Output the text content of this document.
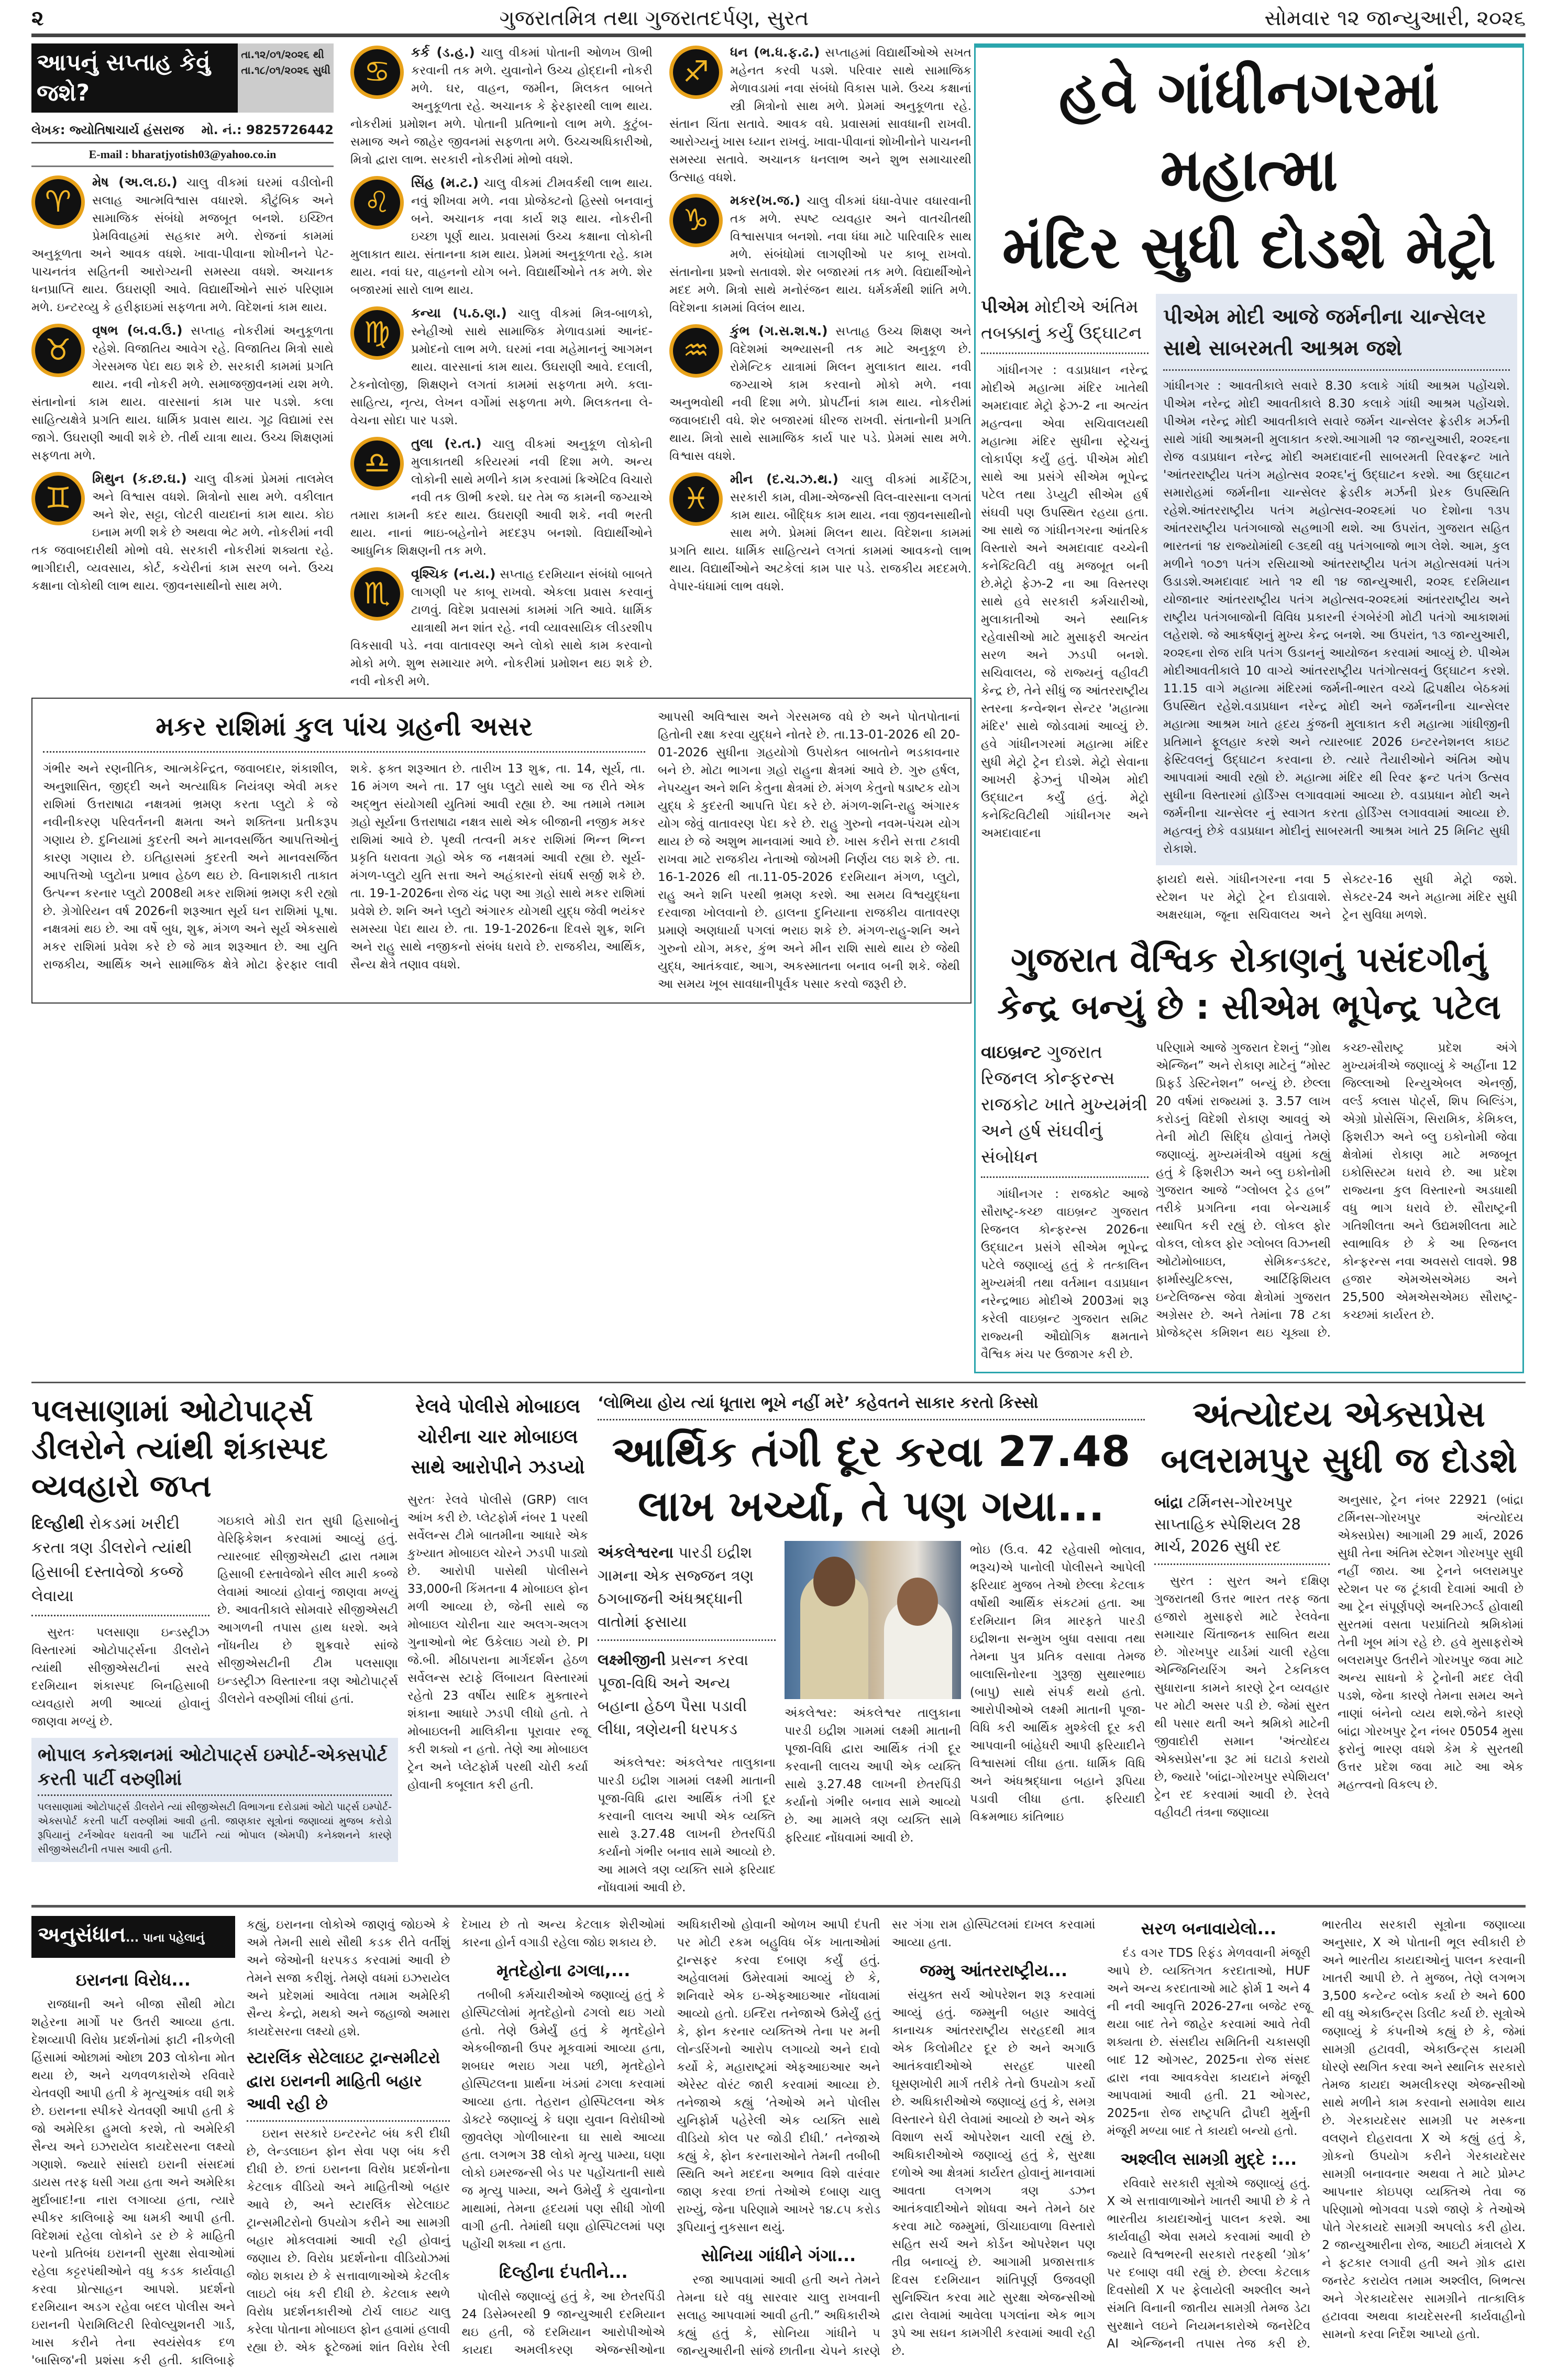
૨	ગુજરાતમિત્ર તથા ગુજરાતદર્પણ, સુરત	સોમવાર ૧૨ જાન્યુઆરી, ૨૦૨૬
આપનું સપ્તાહ કેવું જશે?
તા.૧૨/૦૧/૨૦૨૬ થી
તા.૧૮/૦૧/૨૦૨૬ સુધી
લેખક: જ્યોતિષાચાર્ય હંસરાજ મો. નં.: 9825726442
E-mail : bharatjyotish03@yahoo.co.in
♈
મેષ (અ.લ.ઇ.) ચાલુ વીકમાં ઘરમાં વડીલોની સલાહ આત્મવિશ્વાસ વધારશે. કૌટુંબિક અને સામાજિક સંબંધો મજબૂત બનશે. ઇચ્છિત પ્રેમવિવાહમાં સહકાર મળે. રોજનાં કામમાં અનુકૂળતા અને આવક વધશે. ખાવા-પીવાના શોખીનને પેટ-પાચનતંત્ર સહિતની આરોગ્યની સમસ્યા વધશે. અચાનક ધનપ્રાપ્તિ થાય. ઉઘરાણી આવે. વિદ્યાર્થીઓને સારું પરિણામ મળે. ઇન્ટરવ્યુ કે હરીફાઇમાં સફળતા મળે. વિદેશનાં કામ થાય.
♉
વૃષભ (બ.વ.ઉ.) સપ્તાહ નોકરીમાં અનુકૂળતા રહેશે. વિજાતિય આવેગ રહે. વિજાતિય મિત્રો સાથે ગેરસમજ પેદા થઇ શકે છે. સરકારી કામમાં પ્રગતિ થાય. નવી નોકરી મળે. સમાજજીવનમાં યશ મળે. સંતાનોનાં કામ થાય. વારસાનાં કામ પાર પડશે. કલા સાહિત્યક્ષેત્રે પ્રગતિ થાય. ધાર્મિક પ્રવાસ થાય. ગૂઢ વિદ્યામાં રસ જાગે. ઉઘરાણી આવી શકે છે. તીર્થ યાત્રા થાય. ઉચ્ચ શિક્ષણમાં સફળતા મળે.
♊
મિથુન (ક.છ.ઘ.) ચાલુ વીકમાં પ્રેમમાં તાલમેલ અને વિશ્વાસ વધશે. મિત્રોનો સાથ મળે. વકીલાત અને શેર, સટ્ટા, લોટરી વાયદાનાં કામ થાય. કોઇ ઇનામ મળી શકે છે અથવા ભેટ મળે. નોકરીમાં નવી તક જવાબદારીથી મોભો વધે. સરકારી નોકરીમાં શક્યતા રહે. ભાગીદારી, વ્યવસાય, કોર્ટ, કચેરીનાં કામ સરળ બને. ઉચ્ચ કક્ષાના લોકોથી લાભ થાય. જીવનસાથીનો સાથ મળે.
♋
કર્ક (ડ.હ.) ચાલુ વીકમાં પોતાની ઓળખ ઊભી કરવાની તક મળે. યુવાનોને ઉચ્ચ હોદ્દાની નોકરી મળે. ઘર, વાહન, જમીન, મિલકત બાબતે અનુકૂળતા રહે. અચાનક કે ફેરફારથી લાભ થાય. નોકરીમાં પ્રમોશન મળે. પોતાની પ્રતિભાનો લાભ મળે. કુટુંબ-સમાજ અને જાહેર જીવનમાં સફળતા મળે. ઉચ્ચઅધિકારીઓ, મિત્રો દ્વારા લાભ. સરકારી નોકરીમાં મોભો વધશે.
♌
સિંહ (મ.ટ.) ચાલુ વીકમાં ટીમવર્કથી લાભ થાય. નવું શીખવા મળે. નવા પ્રોજેક્ટનો હિસ્સો બનવાનું બને. અચાનક નવા કાર્ય શરૂ થાય. નોકરીની ઇચ્છા પૂર્ણ થાય. પ્રવાસમાં ઉચ્ચ કક્ષાના લોકોની મુલાકાત થાય. સંતાનના કામ થાય. પ્રેમમાં અનુકૂળતા રહે. કામ થાય. નવાં ઘર, વાહનનો યોગ બને. વિદ્યાર્થીઓને તક મળે. શેર બજારમાં સારો લાભ થાય.
♍
કન્યા (પ.ઠ.ણ.) ચાલુ વીકમાં મિત્ર-બાળકો, સ્નેહીઓ સાથે સામાજિક મેળાવડામાં આનંદ-પ્રમોદનો લાભ મળે. ઘરમાં નવા મહેમાનનું આગમન થાય. વારસાનાં કામ થાય. ઉઘરાણી આવે. દલાલી, ટેકનોલોજી, શિક્ષણને લગતાં કામમાં સફળતા મળે. કલા-સાહિત્ય, નૃત્ય, લેખન વર્ગોમાં સફળતા મળે. મિલકતના લે-વેચના સોદા પાર પડશે.
♎
તુલા (ર.ત.) ચાલુ વીકમાં અનુકૂળ લોકોની મુલાકાતથી કરિયરમાં નવી દિશા મળે. અન્ય લોકોની સાથે મળીને કામ કરવામાં ક્રિએટિવ વિચારો નવી તક ઊભી કરશે. ઘર તેમ જ કામની જગ્યાએ તમારા કામની કદર થાય. ઉઘરાણી આવી શકે. નવી ભરતી થાય. નાનાં ભાઇ-બહેનોને મદદરૂપ બનશો. વિદ્યાર્થીઓને આધુનિક શિક્ષણની તક મળે.
♏
વૃશ્ચિક (ન.ય.) સપ્તાહ દરમિયાન સંબંધો બાબતે લાગણી પર કાબૂ રાખવો. એકલા પ્રવાસ કરવાનું ટાળવું. વિદેશ પ્રવાસમાં કામમાં ગતિ આવે. ધાર્મિક યાત્રાથી મન શાંત રહે. નવી વ્યાવસાયિક લીડરશીપ વિકસાવી પડે. નવા વાતાવરણ અને લોકો સાથે કામ કરવાનો મોકો મળે. શુભ સમાચાર મળે. નોકરીમાં પ્રમોશન થઇ શકે છે. નવી નોકરી મળે.
♐
ધન (ભ.ધ.ફ.ઢ.) સપ્તાહમાં વિદ્યાર્થીઓએ સખત મહેનત કરવી પડશે. પરિવાર સાથે સામાજિક મેળાવડામાં નવા સંબંધો વિકાસ પામે. ઉચ્ચ કક્ષાનાં સ્ત્રી મિત્રોનો સાથ મળે. પ્રેમમાં અનુકૂળતા રહે. સંતાન ચિંતા સતાવે. આવક વધે. પ્રવાસમાં સાવધાની રાખવી. આરોગ્યનું ખાસ ધ્યાન રાખવું. ખાવા-પીવાનાં શોખીનોને પાચનની સમસ્યા સતાવે. અચાનક ધનલાભ અને શુભ સમાચારથી ઉત્સાહ વધશે.
♑
મકર(ખ.જ.) ચાલુ વીકમાં ધંધા-વેપાર વધારવાની તક મળે. સ્પષ્ટ વ્યવહાર અને વાતચીતથી વિશ્વાસપાત્ર બનશો. નવા ધંધા માટે પારિવારિક સાથ મળે. સંબંધોમાં લાગણીઓ પર કાબૂ રાખવો. સંતાનોના પ્રશ્નો સતાવશે. શેર બજારમાં તક મળે. વિદ્યાર્થીઓને મદદ મળે. મિત્રો સાથે મનોરંજન થાય. ધર્મકર્મથી શાંતિ મળે. વિદેશના કામમાં વિલંબ થાય.
♒
કુંભ (ગ.સ.શ.ષ.) સપ્તાહ ઉચ્ચ શિક્ષણ અને વિદેશમાં અભ્યાસની તક માટે અનુકૂળ છે. રોમેન્ટિક યાત્રામાં મિલન મુલાકાત થાય. નવી જગ્યાએ કામ કરવાનો મોકો મળે. નવા અનુભવોથી નવી દિશા મળે. પ્રોપર્ટીનાં કામ થાય. નોકરીમાં જવાબદારી વધે. શેર બજારમાં ધીરજ રાખવી. સંતાનોની પ્રગતિ થાય. મિત્રો સાથે સામાજિક કાર્ય પાર પડે. પ્રેમમાં સાથ મળે. વિશ્વાસ વધશે.
♓
મીન (દ.ચ.ઝ.થ.) ચાલુ વીકમાં માર્કેટિંગ, સરકારી કામ, વીમા-એજન્સી વિલ-વારસાના લગતાં કામ થાય. બૌદ્ધિક કામ થાય. નવા જીવનસાથીનો સાથ મળે. પ્રેમમાં મિલન થાય. વિદેશના કામમાં પ્રગતિ થાય. ધાર્મિક સાહિત્યને લગતાં કામમાં આવકનો લાભ થાય. વિદ્યાર્થીઓને અટકેલાં કામ પાર પડે. રાજકીય મદદમળે. વેપાર-ધંધામાં લાભ વધશે.
મકર રાશિમાં કુલ પાંચ ગ્રહની અસર
ગંભીર અને રણનીતિક, આત્મકેન્દ્રિત, જવાબદાર, શંકાશીલ, અનુશાસિત, જીદ્દી અને અત્યાધિક નિયંત્રણ એવી મકર રાશિમાં ઉત્તરાષાઢા નક્ષત્રમાં ભ્રમણ કરતા પ્લુટો કે જે નવીનીકરણ પરિવર્તનની ક્ષમતા અને શક્તિના પ્રતીકરૂપ ગણાય છે. દુનિયામાં કુદરતી અને માનવસર્જિત આપત્તિઓનું કારણ ગણાય છે. ઇતિહાસમાં કુદરતી અને માનવસર્જિત આપત્તિઓ પ્લુટોના પ્રભાવ હેઠળ થઇ છે. વિનાશકારી તાકાત ઉત્પન્ન કરનાર પ્લુટો 2008થી મકર રાશિમાં ભ્રમણ કરી રહ્યો છે. ગ્રેગોરિયન વર્ષ 2026ની શરૂઆત સૂર્ય ઘન રાશિમાં પૂ.ષા. નક્ષત્રમાં થઇ છે. આ વર્ષે બુધ, શુક્ર, મંગળ અને સૂર્ય એકસાથે મકર રાશિમાં પ્રવેશ કરે છે જે માત્ર શરૂઆત છે. આ યુતિ રાજકીય, આર્થિક અને સામાજિક ક્ષેત્રે મોટા ફેરફાર લાવી શકે. ફક્ત શરૂઆત છે. તારીખ 13 શુક્ર, તા. 14, સૂર્ય, તા. 16 મંગળ અને તા. 17 બુધ પ્લુટો સાથે આ જ રીતે એક અદ્ભુત સંયોગથી યુતિમાં આવી રહ્યા છે. આ તમામે તમામ ગ્રહો સૂર્યના ઉત્તરાષાઢા નક્ષત્ર સાથે એક બીજાની નજીક મકર રાશિમાં આવે છે. પૃથ્વી તત્વની મકર રાશિમાં ભિન્ન ભિન્ન પ્રકૃતિ ધરાવતા ગ્રહો એક જ નક્ષત્રમાં આવી રહ્યા છે. સૂર્ય-મંગળ-પ્લુટો યુતિ સત્તા અને અહંકારનો સંઘર્ષ સર્જી શકે છે. તા. 19-1-2026ના રોજ ચંદ્ર પણ આ ગ્રહો સાથે મકર રાશિમાં પ્રવેશે છે. શનિ અને પ્લુટો અંગારક યોગથી યુદ્ધ જેવી ભયંકર સમસ્યા પેદા થાય છે. તા. 19-1-2026ના દિવસે શુક્ર, શનિ અને રાહુ સાથે નજીકનો સંબંધ ધરાવે છે. રાજકીય, આર્થિક, સૈન્ય ક્ષેત્રે તણાવ વધશે.
આપસી અવિશ્વાસ અને ગેરસમજ વધે છે અને પોતપોતાનાં હિતોની રક્ષા કરવા યુદ્ધને નોતરે છે. તા.13-01-2026 થી 20-01-2026 સુધીના ગ્રહયોગો ઉપરોક્ત બાબતોને ભડકાવનાર બને છે. મોટા ભાગના ગ્રહો રાહુના ક્ષેત્રમાં આવે છે. ગુરુ હર્ષલ, નેપચ્યુન અને શનિ કેતુના ક્ષેત્રમાં છે. મંગળ કેતુનો ષડાષ્ટક યોગ યુદ્ધ કે કુદરતી આપત્તિ પેદા કરે છે. મંગળ-શનિ-રાહુ અંગારક યોગ જેવું વાતાવરણ પેદા કરે છે. રાહુ ગુરુનો નવમ-પંચમ યોગ થાય છે જે અશુભ માનવામાં આવે છે. ખાસ કરીને સત્તા ટકાવી રાખવા માટે રાજકીય નેતાઓ જોખમી નિર્ણય લઇ શકે છે. તા. 16-1-2026 થી તા.11-05-2026 દરમિયાન મંગળ, પ્લુટો, રાહુ અને શનિ પરથી ભ્રમણ કરશે. આ સમય વિશ્વયુદ્ધના દરવાજા ખોલવાનો છે. હાલના દુનિયાના રાજકીય વાતાવરણ પ્રમાણે અણધાર્યા પગલાં ભરાઇ શકે છે. મંગળ-રાહુ-શનિ અને ગુરુનો યોગ, મકર, કુંભ અને મીન રાશિ સાથે થાય છે જેથી યુદ્ધ, આતંકવાદ, આગ, અકસ્માતના બનાવ બની શકે. જેથી આ સમય ખૂબ સાવધાનીપૂર્વક પસાર કરવો જરૂરી છે.
હવે ગાંધીનગરમાં મહાત્મા
મંદિર સુધી દોડશે મેટ્રો
પીએમ મોદીએ અંતિમ તબક્કાનું કર્યું ઉદ્ઘાટન

ગાંધીનગર : વડાપ્રધાન નરેન્દ્ર મોદીએ મહાત્મા મંદિર ખાતેથી અમદાવાદ મેટ્રો ફેઝ-2 ના અત્યંત મહત્વના એવા સચિવાલયથી મહાત્મા મંદિર સુધીના સ્ટ્રેચનું લોકાર્પણ કર્યું હતું. પીએમ મોદી સાથે આ પ્રસંગે સીએમ ભૂપેન્દ્ર પટેલ તથા ડેપ્યુટી સીએમ હર્ષ સંઘવી પણ ઉપસ્થિત રહયા હતા. આ સાથે જ ગાંધીનગરના આંતરિક વિસ્તારો અને અમદાવાદ વચ્ચેની કનેક્ટિવિટી વધુ મજબૂત બની છે.મેટ્રો ફેઝ-2 ના આ વિસ્તરણ સાથે હવે સરકારી કર્મચારીઓ, મુલાકાતીઓ અને સ્થાનિક રહેવાસીઓ માટે મુસાફરી અત્યંત સરળ અને ઝડપી બનશે. સચિવાલય, જે રાજ્યનું વહીવટી કેન્દ્ર છે, તેને સીધું જ આંતરરાષ્ટ્રીય સ્તરના કન્વેન્શન સેન્ટર 'મહાત્મા મંદિર' સાથે જોડવામાં આવ્યું છે. હવે ગાંધીનગરમાં મહાત્મા મંદિર સુધી મેટ્રો ટ્રેન દોડશે. મેટ્રો સેવાના આખરી ફેઝનું પીએમ મોદી ઉદ્ઘાટન કર્યું હતું. મેટ્રો કનેક્ટિવિટીથી ગાંધીનગર અને અમદાવાદના

પીએમ મોદી આજે જર્મનીના ચાન્સેલર સાથે સાબરમતી આશ્રમ જશે

ગાંધીનગર : આવતીકાલે સવારે 8.30 કલાકે ગાંધી આશ્રમ પહોંચશે. પીએમ નરેન્દ્ર મોદી આવતીકાલે 8.30 કલાકે ગાંધી આશ્રમ પહોંચશે. પીએમ નરેન્દ્ર મોદી આવતીકાલે સવારે જર્મન ચાન્સેલર ફ્રેડરીક મર્ઝની સાથે ગાંધી આશ્રમની મુલાકાત કરશે.આગામી ૧૨ જાન્યુઆરી, ૨૦૨૬ના રોજ વડાપ્રધાન નરેન્દ્ર મોદી અમદાવાદની સાબરમતી રિવરફ્રન્ટ ખાતે 'આંતરરાષ્ટ્રીય પતંગ મહોત્સવ ૨૦૨૬'નું ઉદ્ઘાટન કરશે. આ ઉદ્ઘાટન સમારોહમાં જર્મનીના ચાન્સેલર ફ્રેડરીક મર્ઝની પ્રેરક ઉપસ્થિતિ રહેશે.આંતરરાષ્ટ્રીય પતંગ મહોત્સવ-૨૦૨૬માં ૫૦ દેશોના ૧૩૫ આંતરરાષ્ટ્રીય પતંગબાજો સહભાગી થશે. આ ઉપરાંત, ગુજરાત સહિત ભારતનાં ૧૪ રાજ્યોમાંથી ૯૩૬થી વધુ પતંગબાજો ભાગ લેશે. આમ, કુલ મળીને ૧૦૭૧ પતંગ રસિયાઓ આંતરરાષ્ટ્રીય પતંગ મહોત્સવમાં પતંગ ઉડાડશે.અમદાવાદ ખાતે ૧૨ થી ૧૪ જાન્યુઆરી, ૨૦૨૬ દરમિયાન યોજાનાર આંતરરાષ્ટ્રીય પતંગ મહોત્સવ-૨૦૨૬માં આંતરરાષ્ટ્રીય અને રાષ્ટ્રીય પતંગબાજોની વિવિધ પ્રકારની રંગબેરંગી મોટી પતંગો આકાશમાં લહેરાશે. જે આકર્ષણનું મુખ્ય કેન્દ્ર બનશે. આ ઉપરાંત, ૧૩ જાન્યુઆરી, ૨૦૨૬ના રોજ રાત્રિ પતંગ ઉડાનનું આયોજન કરવામાં આવ્યું છે. પીએમ મોદીઆવતીકાલે 10 વાગ્યે આંતરરાષ્ટ્રીય પતંગોત્સવનું ઉદ્ઘાટન કરશે. 11.15 વાગે મહાત્મા મંદિરમાં જર્મની-ભારત વચ્ચે દ્વિપક્ષીય બેઠકમાં ઉપસ્થિત રહેશે.વડાપ્રધાન નરેન્દ્ર મોદી અને જર્મનનીના ચાન્સેલર મહાત્મા આશ્રમ ખાતે હૃદય કુંજની મુલાકાત કરી મહાત્મા ગાંધીજીની પ્રતિમાને ફૂલહાર કરશે અને ત્યારબાદ 2026 ઇન્ટરનેશનલ કાઇટ ફેસ્ટિવલનું ઉદ્ઘાટન કરવાના છે. ત્યારે તૈયારીઓને અંતિમ ઓપ આપવામાં આવી રહ્યો છે. મહાત્મા મંદિર થી રિવર ફ્રન્ટ પતંગ ઉત્સવ સુધીના વિસ્તારમાં હોર્ડિંગ્સ લગાવવામાં આવ્યા છે. વડાપ્રધાન મોદી અને જર્મનીના ચાન્સેલર નું સ્વાગત કરતા હોર્ડિંગ્સ લગાવવામાં આવ્યા છે. મહત્વનું છેકે વડાપ્રધાન મોદીનું સાબરમતી આશ્રમ ખાતે 25 મિનિટ સુધી રોકાશે.

ફાયદો થસે. ગાંધીનગરના નવા 5 સ્ટેશન પર મેટ્રો ટ્રેન દોડાવાશે. અક્ષરધામ, જૂના સચિવાલય અને સેક્ટર-16 સુધી મેટ્રો જશે. સેક્ટર-24 અને મહાત્મા મંદિર સુધી ટ્રેન સુવિધા મળશે.
ગુજરાત વૈશ્વિક રોકાણનું પસંદગીનું
કેન્દ્ર બન્યું છે : સીએમ ભૂપેન્દ્ર પટેલ
વાઇબ્રન્ટ ગુજરાત રિજનલ કોન્ફરન્સ રાજકોટ ખાતે મુખ્યમંત્રી અને હર્ષ સંઘવીનું સંબોધન

ગાંધીનગર : રાજકોટ આજે સૌરાષ્ટ્ર-કચ્છ વાઇબ્રન્ટ ગુજરાત રિજનલ કોન્ફરન્સ 2026ના ઉદ્ઘાટન પ્રસંગે સીએમ ભૂપેન્દ્ર પટેલે જણાવ્યું હતું કે તત્કાલિન મુખ્યમંત્રી તથા વર્તમાન વડાપ્રધાન નરેન્દ્રભાઇ મોદીએ 2003માં શરૂ કરેલી વાઇબ્રન્ટ ગુજરાત સમિટ રાજ્યની ઔદ્યોગિક ક્ષમતાને વૈશ્વિક મંચ પર ઉજાગર કરી છે.

પરિણામે આજે ગુજરાત દેશનું “ગ્રોથ એન્જિન” અને રોકાણ માટેનું “મોસ્ટ પ્રિફર્ડ ડેસ્ટિનેશન” બન્યું છે. છેલ્લા 20 વર્ષમાં રાજ્યમાં રૂ. 3.57 લાખ કરોડનું વિદેશી રોકાણ આવવું એ તેની મોટી સિદ્ધિ હોવાનું તેમણે જણાવ્યું. મુખ્યમંત્રીએ વધુમાં કહ્યું હતું કે ફિશરીઝ અને બ્લુ ઇકોનોમી ગુજરાત આજે “ગ્લોબલ ટ્રેડ હબ” તરીકે પ્રગતિના નવા બેન્ચમાર્ક સ્થાપિત કરી રહ્યું છે. લોકલ ફોર વોકલ, લોકલ ફોર ગ્લોબલ વિઝનથી ઓટોમોબાઇલ, સેમિકન્ડક્ટર, ફાર્માસ્યુટિકલ્સ, આર્ટિફિશિયલ ઇન્ટેલિજન્સ જેવા ક્ષેત્રોમાં ગુજરાત અગ્રેસર છે. અને તેમાંના 78 ટકા પ્રોજેક્ટ્સ કમિશન થઇ ચૂક્યા છે. કચ્છ-સૌરાષ્ટ્ર પ્રદેશ અંગે મુખ્યમંત્રીએ જણાવ્યું કે અહીંના 12 જિલ્લાઓ રિન્યુએબલ એનર્જી, વર્લ્ડ ક્લાસ પોર્ટ્સ, શિપ બિલ્ડિંગ, એગ્રો પ્રોસેસિંગ, સિરામિક, કેમિકલ, ફિશરીઝ અને બ્લુ ઇકોનોમી જેવા ક્ષેત્રોમાં રોકાણ માટે મજબૂત ઇકોસિસ્ટમ ધરાવે છે. આ પ્રદેશ રાજ્યના કુલ વિસ્તારનો અડધાથી વધુ ભાગ ધરાવે છે. સૌરાષ્ટ્રની ગતિશીલતા અને ઉદ્યમશીલતા માટે સ્વાભાવિક છે કે આ રિજનલ કોન્ફરન્સ નવા અવસરો લાવશે. 98 હજાર એમએસએમઇ અને 25,500 એમએસએમઇ સૌરાષ્ટ્ર-કચ્છમાં કાર્યરત છે.
પલસાણામાં ઓટોપાર્ટ્સ ડીલરોને ત્યાંથી શંકાસ્પદ વ્યવહારો જપ્ત
દિલ્હીથી રોકડમાં ખરીદી કરતા ત્રણ ડીલરોને ત્યાંથી હિસાબી દસ્તાવેજો કબ્જે લેવાયા

સુરતઃ પલસાણા ઇન્ડસ્ટ્રીઝ વિસ્તારમાં ઓટોપાર્ટ્સના ડીલરોને ત્યાંથી સીજીએસટીનાં સરવે દરમિયાન શંકાસ્પદ બિનહિસાબી વ્યવહારો મળી આવ્યાં હોવાનું જાણવા મળ્યું છે.

ગઇકાલે મોડી રાત સુધી હિસાબોનું વેરિફિકેશન કરવામાં આવ્યું હતું. ત્યારબાદ સીજીએસટી દ્વારા તમામ હિસાબી દસ્તાવેજોને સીલ મારી કબ્જે લેવામાં આવ્યાં હોવાનું જાણવા મળ્યું છે. આવતીકાલે સોમવારે સીજીએસટી આગળની તપાસ હાથ ધરશે. અત્રે નોંધનીય છે શુક્રવારે સાંજે સીજીએસટીની ટીમ પલસાણા ઇન્ડસ્ટ્રીઝ વિસ્તારના ત્રણ ઓટોપાર્ટ્સ ડીલરોને વરુણીમાં લીધાં હતાં.

ભોપાલ કનેક્શનમાં ઓટોપાર્ટ્સ ઇમ્પોર્ટ-એક્સપોર્ટ કરતી પાર્ટી વરુણીમાં

પલસાણામાં ઓટોપાર્ટ્સ ડીલરોને ત્યાં સીજીએસટી વિભાગના દરોડામાં ઓટો પાર્ટ્સ ઇમ્પોર્ટ-એક્સપોર્ટ કરતી પાર્ટી વરુણીમાં આવી હતી. જાણકાર સૂત્રોનાં જણાવ્યાં મુજબ કરોડો રૂપિયાનું ટર્નઓવર ધરાવતી આ પાર્ટીને ત્યાં ભોપાલ (એમપી) કનેક્શનને કારણે સીજીએસટીની તપાસ આવી હતી.

રેલવે પોલીસે મોબાઇલ ચોરીના ચાર મોબાઇલ સાથે આરોપીને ઝડપ્યો

સુરતઃ રેલવે પોલીસે (GRP) લાલ આંખ કરી છે. પ્લેટફોર્મ નંબર 1 પરથી સર્વેલન્સ ટીમે બાતમીના આધારે એક કુખ્યાત મોબાઇલ ચોરને ઝડપી પાડ્યો છે. આરોપી પાસેથી પોલીસને 33,000ની કિંમતના 4 મોબાઇલ ફોન મળી આવ્યા છે, જેની સાથે જ મોબાઇલ ચોરીના ચાર અલગ-અલગ ગુનાઓનો ભેદ ઉકેલાઇ ગયો છે. PI જે.બી. મીઠાપરાના માર્ગદર્શન હેઠળ સર્વેલન્સ સ્ટાફે લિંબાયત વિસ્તારમાં રહેતો 23 વર્ષીય સાદિક મુક્તારને શંકાના આધારે ઝડપી લીધો હતો. તે મોબાઇલની માલિકીના પૂરાવાર રજૂ કરી શક્યો ન હતો. તેણે આ મોબાઇલ ટ્રેન અને પ્લેટફોર્મ પરથી ચોરી કર્યા હોવાની કબૂલાત કરી હતી.

‘લોભિયા હોય ત્યાં ધૂતારા ભૂખે નહીં મરે’ કહેવતને સાકાર કરતો કિસ્સો
આર્થિક તંગી દૂર કરવા 27.48 લાખ ખર્ચ્યા, તે પણ ગયા...
અંકલેશ્વરના પારડી ઇદ્રીશ ગામના એક સજ્જન ત્રણ ઠગબાજની અંધશ્રદ્ધાની વાતોમાં ફસાયા
લક્ષ્મીજીની પ્રસન્ન કરવા પૂજા-વિધિ અને અન્ય બહાના હેઠળ પૈસા પડાવી લીધા, ત્રણેયની ધરપકડ

અંકલેશ્વર: અંકલેશ્વર તાલુકાના પારડી ઇદ્રીશ ગામમાં લક્ષ્મી માતાની પૂજા-વિધિ દ્વારા આર્થિક તંગી દૂર કરવાની લાલચ આપી એક વ્યક્તિ સાથે રૂ.27.48 લાખની છેતરપિંડી કર્યાનો ગંભીર બનાવ સામે આવ્યો છે. આ મામલે ત્રણ વ્યક્તિ સામે ફરિયાદ નોંધવામાં આવી છે.

અંકલેશ્વર: અંકલેશ્વર તાલુકાના પારડી ઇદ્રીશ ગામમાં લક્ષ્મી માતાની પૂજા-વિધિ દ્વારા આર્થિક તંગી દૂર કરવાની લાલચ આપી એક વ્યક્તિ સાથે રૂ.27.48 લાખની છેતરપિંડી કર્યાનો ગંભીર બનાવ સામે આવ્યો છે. આ મામલે ત્રણ વ્યક્તિ સામે ફરિયાદ નોંધવામાં આવી છે.

ભોઇ (ઉ.વ. 42 રહેવાસી ભોલાવ, ભરૂચ)એ પાનોલી પોલીસને આપેલી ફરિયાદ મુજબ તેઓ છેલ્લા કેટલાક વર્ષોથી આર્થિક સંકટમાં હતા. આ દરમિયાન મિત્ર મારફતે પારડી ઇદ્રીશના સન્મુખ બુધા વસાવા તથા તેમના પુત્ર પ્રતિક વસાવા તેમજ બાલાસિનોરના ગુરૂજી સુથારભાઇ (બાપુ) સાથે સંપર્ક થયો હતો. આરોપીઓએ લક્ષ્મી માતાની પૂજા-વિધિ કરી આર્થિક મુશ્કેલી દૂર કરી આપવાની બાંહેધરી આપી ફરિયાદીને વિશ્વાસમાં લીધા હતા. ધાર્મિક વિધિ અને અંધશ્રદ્ધાના બહાને રૂપિયા પડાવી લીધા હતા. ફરિયાદી વિક્રમભાઇ કાંતિભાઇ

અંત્યોદય એક્સપ્રેસ બલરામપુર સુધી જ દોડશે
બાંદ્રા ટર્મિનસ-ગોરખપુર સાપ્તાહિક સ્પેશિયલ 28 માર્ચ, 2026 સુધી રદ

સુરત : સુરત અને દક્ષિણ ગુજરાતથી ઉત્તર ભારત તરફ જતા હજારો મુસાફરો માટે રેલવેના સમાચાર ચિંતાજનક સાબિત થયા છે. ગોરખપુર યાર્ડમાં ચાલી રહેલા એન્જિનિયરિંગ અને ટેકનિકલ સુધારાના કામને કારણે ટ્રેન વ્યવહાર પર મોટી અસર પડી છે. જેમાં સુરત થી પસાર થતી અને શ્રમિકો માટેની જીવાદોરી સમાન 'અંત્યોદય એક્સપ્રેસ'ના રૂટ માં ઘટાડો કરાયો છે, જ્યારે 'બાંદ્રા-ગોરખપુર સ્પેશિયલ' ટ્રેન રદ કરવામાં આવી છે. રેલવે વહીવટી તંત્રના જણાવ્યા

અનુસાર, ટ્રેન નંબર 22921 (બાંદ્રા ટર્મિનસ-ગોરખપુર અંત્યોદય એક્સપ્રેસ) આગામી 29 માર્ચ, 2026 સુધી તેના અંતિમ સ્ટેશન ગોરખપુર સુધી નહીં જાય. આ ટ્રેનને બલરામપુર સ્ટેશન પર જ ટૂંકાવી દેવામાં આવી છે આ ટ્રેન સંપૂર્ણપણે અનરિઝર્વ્ડ હોવાથી સુરતમાં વસતા પરપ્રાંતિયો શ્રમિકોમાં તેની ખૂબ માંગ રહે છે. હવે મુસાફરોએ બલરામપુર ઉતરીને ગોરખપુર જવા માટે અન્ય સાધનો કે ટ્રેનોની મદદ લેવી પડશે, જેના કારણે તેમના સમય અને નાણાં બંનેનો વ્યય થશે.જેને કારણે બાંદ્રા ગોરખપુર ટ્રેન નંબર 05054 મુસા ફરોનું ભારણ વધશે કેમ કે સુરતથી ઉત્તર પ્રદેશ જવા માટે આ એક મહત્ત્વનો વિકલ્પ છે.

અનુસંધાન... પાના પહેલાનું
ઇરાનના વિરોધ...

રાજધાની અને બીજા સૌથી મોટા શહેરના માર્ગો પર ઉતરી આવ્યા હતા. દેશવ્યાપી વિરોધ પ્રદર્શનોમાં ફાટી નીકળેલી હિંસામાં ઓછામાં ઓછા 203 લોકોના મોત થયા છે, અને ચળવળકારોએ રવિવારે ચેતવણી આપી હતી કે મૃત્યુઆંક વધી શકે છે. ઇરાનના સ્પીકરે ચેતવણી આપી હતી કે જો અમેરિકા હુમલો કરશે, તો અમેરિકી સૈન્ય અને ઇઝરાયેલ કાયદેસરના લક્ષ્યો ગણાશે. જ્યારે સાંસદો ઇરાની સંસદમાં ડાયસ તરફ ધસી ગયા હતા અને અમેરિકા મુર્દાબાદ!ના નારા લગાવ્યા હતા, ત્યારે સ્પીકર કાલિબાફે આ ધમકી આપી હતી. વિદેશમાં રહેલા લોકોને ડર છે કે માહિતી પરનો પ્રતિબંધ ઇરાનની સુરક્ષા સેવાઓમાં રહેલા કટ્ટરપંથીઓને વધુ કડક કાર્યવાહી કરવા પ્રોત્સાહન આપશે. પ્રદર્શનો દરમિયાન અડગ રહેવા બદલ પોલીસ અને ઇરાનની પેરામિલિટરી રિવોલ્યુશનરી ગાર્ડ, ખાસ કરીને તેના સ્વયંસેવક દળ 'બાસિજ'ની પ્રશંસા કરી હતી. કાલિબાફે કહ્યું, ઇરાનના લોકોએ જાણવું જોઇએ કે અમે તેમની સાથે સૌથી કડક રીતે વર્તીશું અને જેઓની ધરપકડ કરવામાં આવી છે તેમને સજા કરીશું. તેમણે વધમાં ઇઝરાયેલ અને પ્રદેશમાં આવેલા તમામ અમેરિકી સૈન્ય કેન્દ્રો, મથકો અને જહાજો અમારા કાયદેસરના લક્ષ્યો હશે.

સ્ટારલિંક સેટેલાઇટ ટ્રાન્સમીટરો દ્વારા ઇરાનની માહિતી બહાર આવી રહી છે

ઇરાન સરકારે ઇન્ટરનેટ બંધ કરી દીધી છે, લેન્ડલાઇન ફોન સેવા પણ બંધ કરી દીધી છે. છતાં ઇરાનના વિરોધ પ્રદર્શનોના કેટલાક વીડિયો અને માહિતીઓ બહાર આવે છે, અને સ્ટારલિંક સેટેલાઇટ ટ્રાન્સમીટરોનો ઉપયોગ કરીને આ સામગ્રી બહાર મોકલવામાં આવી રહી હોવાનું જણાય છે. વિરોધ પ્રદર્શનોના વીડિયોઝમાં જોઇ શકાય છે કે સત્તાવાળાઓએ કેટલીક લાઇટો બંધ કરી દીધી છે. કેટલાક સ્થળે વિરોધ પ્રદર્શનકારીઓ ટોર્ચ લાઇટ ચાલુ કરેલા પોતાના મોબાઇલ ફોન હવામાં હલાવી રહ્યા છે. એક ફૂટેજમાં શાંત વિરોધ રેલી દેખાય છે તો અન્ય કેટલાક શેરીઓમાં કારના હોર્ન વગાડી રહેલા જોઇ શકાય છે.

મૃતદેહોના ઢગલા,...

તબીબી કર્મચારીઓએ જણાવ્યું હતું કે હોસ્પિટલોમાં મૃતદેહોનો ઢગલો થઇ ગયો હતો. તેણે ઉમેર્યું હતું કે મૃતદેહોને એકબીજાની ઉપર મૂકવામાં આવ્યા હતા, શબઘર ભરાઇ ગયા પછી, મૃતદેહોને હોસ્પિટલના પ્રાર્થના ખંડમાં ઢગલા કરવામાં આવ્યા હતા. તેહરાન હોસ્પિટલના એક ડોક્ટરે જણાવ્યું કે ઘણા યુવાન વિરોધીઓ જીવલેણ ગોળીબારના ઘા સાથે આવ્યા હતા. લગભગ 38 લોકો મૃત્યુ પામ્યા, ઘણા લોકો ઇમરજન્સી બેડ પર પહોંચતાની સાથે જ મૃત્યુ પામ્યા, અને ઉમેર્યું કે યુવાનોના માથામાં, તેમના હૃદયમાં પણ સીધી ગોળી વાગી હતી. તેમાંથી ઘણા હોસ્પિટલમાં પણ પહોંચી શક્યા ન હતા.

દિલ્હીના દંપતીને...

પોલીસે જણાવ્યું હતું કે, આ છેતરપિંડી 24 ડિસેમ્બરથી 9 જાન્યુઆરી દરમિયાન થઇ હતી, જે દરમિયાન આરોપીઓએ કાયદા અમલીકરણ એજન્સીઓના અધિકારીઓ હોવાની ઓળખ આપી દંપતી પર મોટી રકમ બહુવિધ બેંક ખાતાઓમાં ટ્રાન્સફર કરવા દબાણ કર્યું હતું. અહેવાલમાં ઉમેરવામાં આવ્યું છે કે, શનિવારે એક ઇ-એફઆઇઆર નોંધવામાં આવ્યો હતો. ઇન્દિરા તનેજાએ ઉમેર્યું હતું કે, ફોન કરનાર વ્યક્તિએ તેના પર મની લોન્ડરિંગનો આરોપ લગાવ્યો અને દાવો કર્યો કે, મહારાષ્ટ્રમાં એફઆઇઆર અને એરેસ્ટ વોરંટ જારી કરવામાં આવ્યા છે. તનેજાએ કહ્યું ‘તેઓએ મને પોલીસ યુનિફોર્મ પહેરેલી એક વ્યક્તિ સાથે વીડિયો કોલ પર જોડી દીધી.’ તનેજાએ કહ્યું કે, ફોન કરનારાઓને તેમની તબીબી સ્થિતિ અને મદદના અભાવ વિશે વારંવાર જાણ કરવા છતાં તેઓએ દબાણ ચાલુ રાખ્યું, જેના પરિણામે આખરે ૧૪.૮૫ કરોડ રૂપિયાનું નુકસાન થયું.

સોનિયા ગાંધીને ગંગા...

રજા આપવામાં આવી હતી અને તેમને તેમના ઘરે વધુ સારવાર ચાલુ રાખવાની સલાહ આપવામાં આવી હતી.” અધિકારીએ કહ્યું હતું કે, સોનિયા ગાંધીને ૫ જાન્યુઆરીની સાંજે છાતીના ચેપને કારણે સર ગંગા રામ હોસ્પિટલમાં દાખલ કરવામાં આવ્યા હતા.

જમ્મુ આંતરરાષ્ટ્રીય...

સંયુક્ત સર્ચ ઓપરેશન શરૂ કરવામાં આવ્યું હતું. જમ્મુની બહાર આવેલું કાનાચક આંતરરાષ્ટ્રીય સરહદથી માત્ર એક કિલોમીટર દૂર છે અને અગાઉ આતંકવાદીઓએ સરહદ પારથી ઘૂસણખોરી માર્ગ તરીકે તેનો ઉપયોગ કર્યો છે. અધિકારીઓએ જણાવ્યું હતું કે, સમગ્ર વિસ્તારને ઘેરી લેવામાં આવ્યો છે અને એક વિશાળ સર્ચ ઓપરેશન ચાલી રહ્યું છે. અધિકારીઓએ જણાવ્યું હતું કે, સુરક્ષા દળોએ આ ક્ષેત્રમાં કાર્યરત હોવાનું માનવામાં આવતા લગભગ ત્રણ ડઝન આતંકવાદીઓને શોધવા અને તેમને ઠાર કરવા માટે જમ્મુમાં, ઊંચાઇવાળા વિસ્તારો સહિત સર્ચ અને કોર્ડન ઓપરેશન પણ તીવ્ર બનાવ્યું છે. આગામી પ્રજાસત્તાક દિવસ દરમિયાન શાંતિપૂર્ણ ઉજવણી સુનિશ્ચિત કરવા માટે સુરક્ષા એજન્સીઓ દ્વારા લેવામાં આવેલા પગલાંના એક ભાગ રૂપે આ સઘન કામગીરી કરવામાં આવી રહી છે.

સરળ બનાવાયેલો...

દંડ વગર TDS રિફંડ મેળવવાની મંજૂરી આપે છે. વ્યક્તિગત કરદાતાઓ, HUF અને અન્ય કરદાતાઓ માટે ફોર્મ 1 અને 4 ની નવી આવૃત્તિ 2026-27ના બજેટ રજૂ થયા બાદ તેને જાહેર કરવામાં આવે તેવી શક્યતા છે. સંસદીય સમિતિની ચકાસણી બાદ 12 ઓગસ્ટ, 2025ના રોજ સંસદ દ્વારા નવા આવકવેરા કાયદાને મંજૂરી આપવામાં આવી હતી. 21 ઓગસ્ટ, 2025ના રોજ રાષ્ટ્રપતિ દ્રૌપદી મુર્મુની મંજૂરી મળ્યા બાદ તે કાયદો બન્યો હતો.

અશ્લીલ સામગ્રી મુદ્દે :...

રવિવારે સરકારી સૂત્રોએ જણાવ્યું હતું. X એ સત્તાવાળાઓને ખાતરી આપી છે કે તે ભારતીય કાયદાઓનું પાલન કરશે. આ કાર્યવાહી એવા સમયે કરવામાં આવી છે જ્યારે વિશ્વભરની સરકારો તરફથી ‘ગ્રોક’ પર દબાણ વધી રહ્યું છે. છેલ્લા કેટલાક દિવસોથી X પર ફેલાયેલી અશ્લીલ અને સંમતિ વિનાની જાતીય સામગ્રી તેમજ ડેટા સુરક્ષાને લઇને નિયમનકારોએ જનરેટિવ AI એન્જિનની તપાસ તેજ કરી છે. ભારતીય સરકારી સૂત્રોના જણાવ્યા અનુસાર, X એ પોતાની ભૂલ સ્વીકારી છે અને ભારતીય કાયદાઓનું પાલન કરવાની ખાતરી આપી છે. તે મુજબ, તેણે લગભગ 3,500 કન્ટેન્ટ બ્લોક કર્યા છે અને 600 થી વધુ એકાઉન્ટ્સ ડિલીટ કર્યા છે. સૂત્રોએ જણાવ્યું કે કંપનીએ કહ્યું છે કે, જેમાં સામગ્રી હટાવવી, એકાઉન્ટ્સ કાયમી ધોરણે સ્થગિત કરવા અને સ્થાનિક સરકારો તેમજ કાયદા અમલીકરણ એજન્સીઓ સાથે મળીને કામ કરવાનો સમાવેશ થાય છે. ગેરકાયદેસર સામગ્રી પર મસ્કના વલણને દોહરાવતા X એ કહ્યું હતું કે, ગ્રોકનો ઉપયોગ કરીને ગેરકાયદેસર સામગ્રી બનાવનાર અથવા તે માટે પ્રોમ્પ્ટ આપનાર કોઇપણ વ્યક્તિએ તેવા જ પરિણામો ભોગવવા પડશે જાણે કે તેઓએ પોતે ગેરકાયદે સામગ્રી અપલોડ કરી હોય. 2 જાન્યુઆરીના રોજ, આઇટી મંત્રાલયે X ને ફટકાર લગાવી હતી અને ગ્રોક દ્વારા જનરેટ કરાયેલ તમામ અશ્લીલ, બિભત્સ અને ગેરકાયદેસર સામગ્રીને તાત્કાલિક હટાવવા અથવા કાયદેસરની કાર્યવાહીનો સામનો કરવા નિર્દેશ આપ્યો હતો.
